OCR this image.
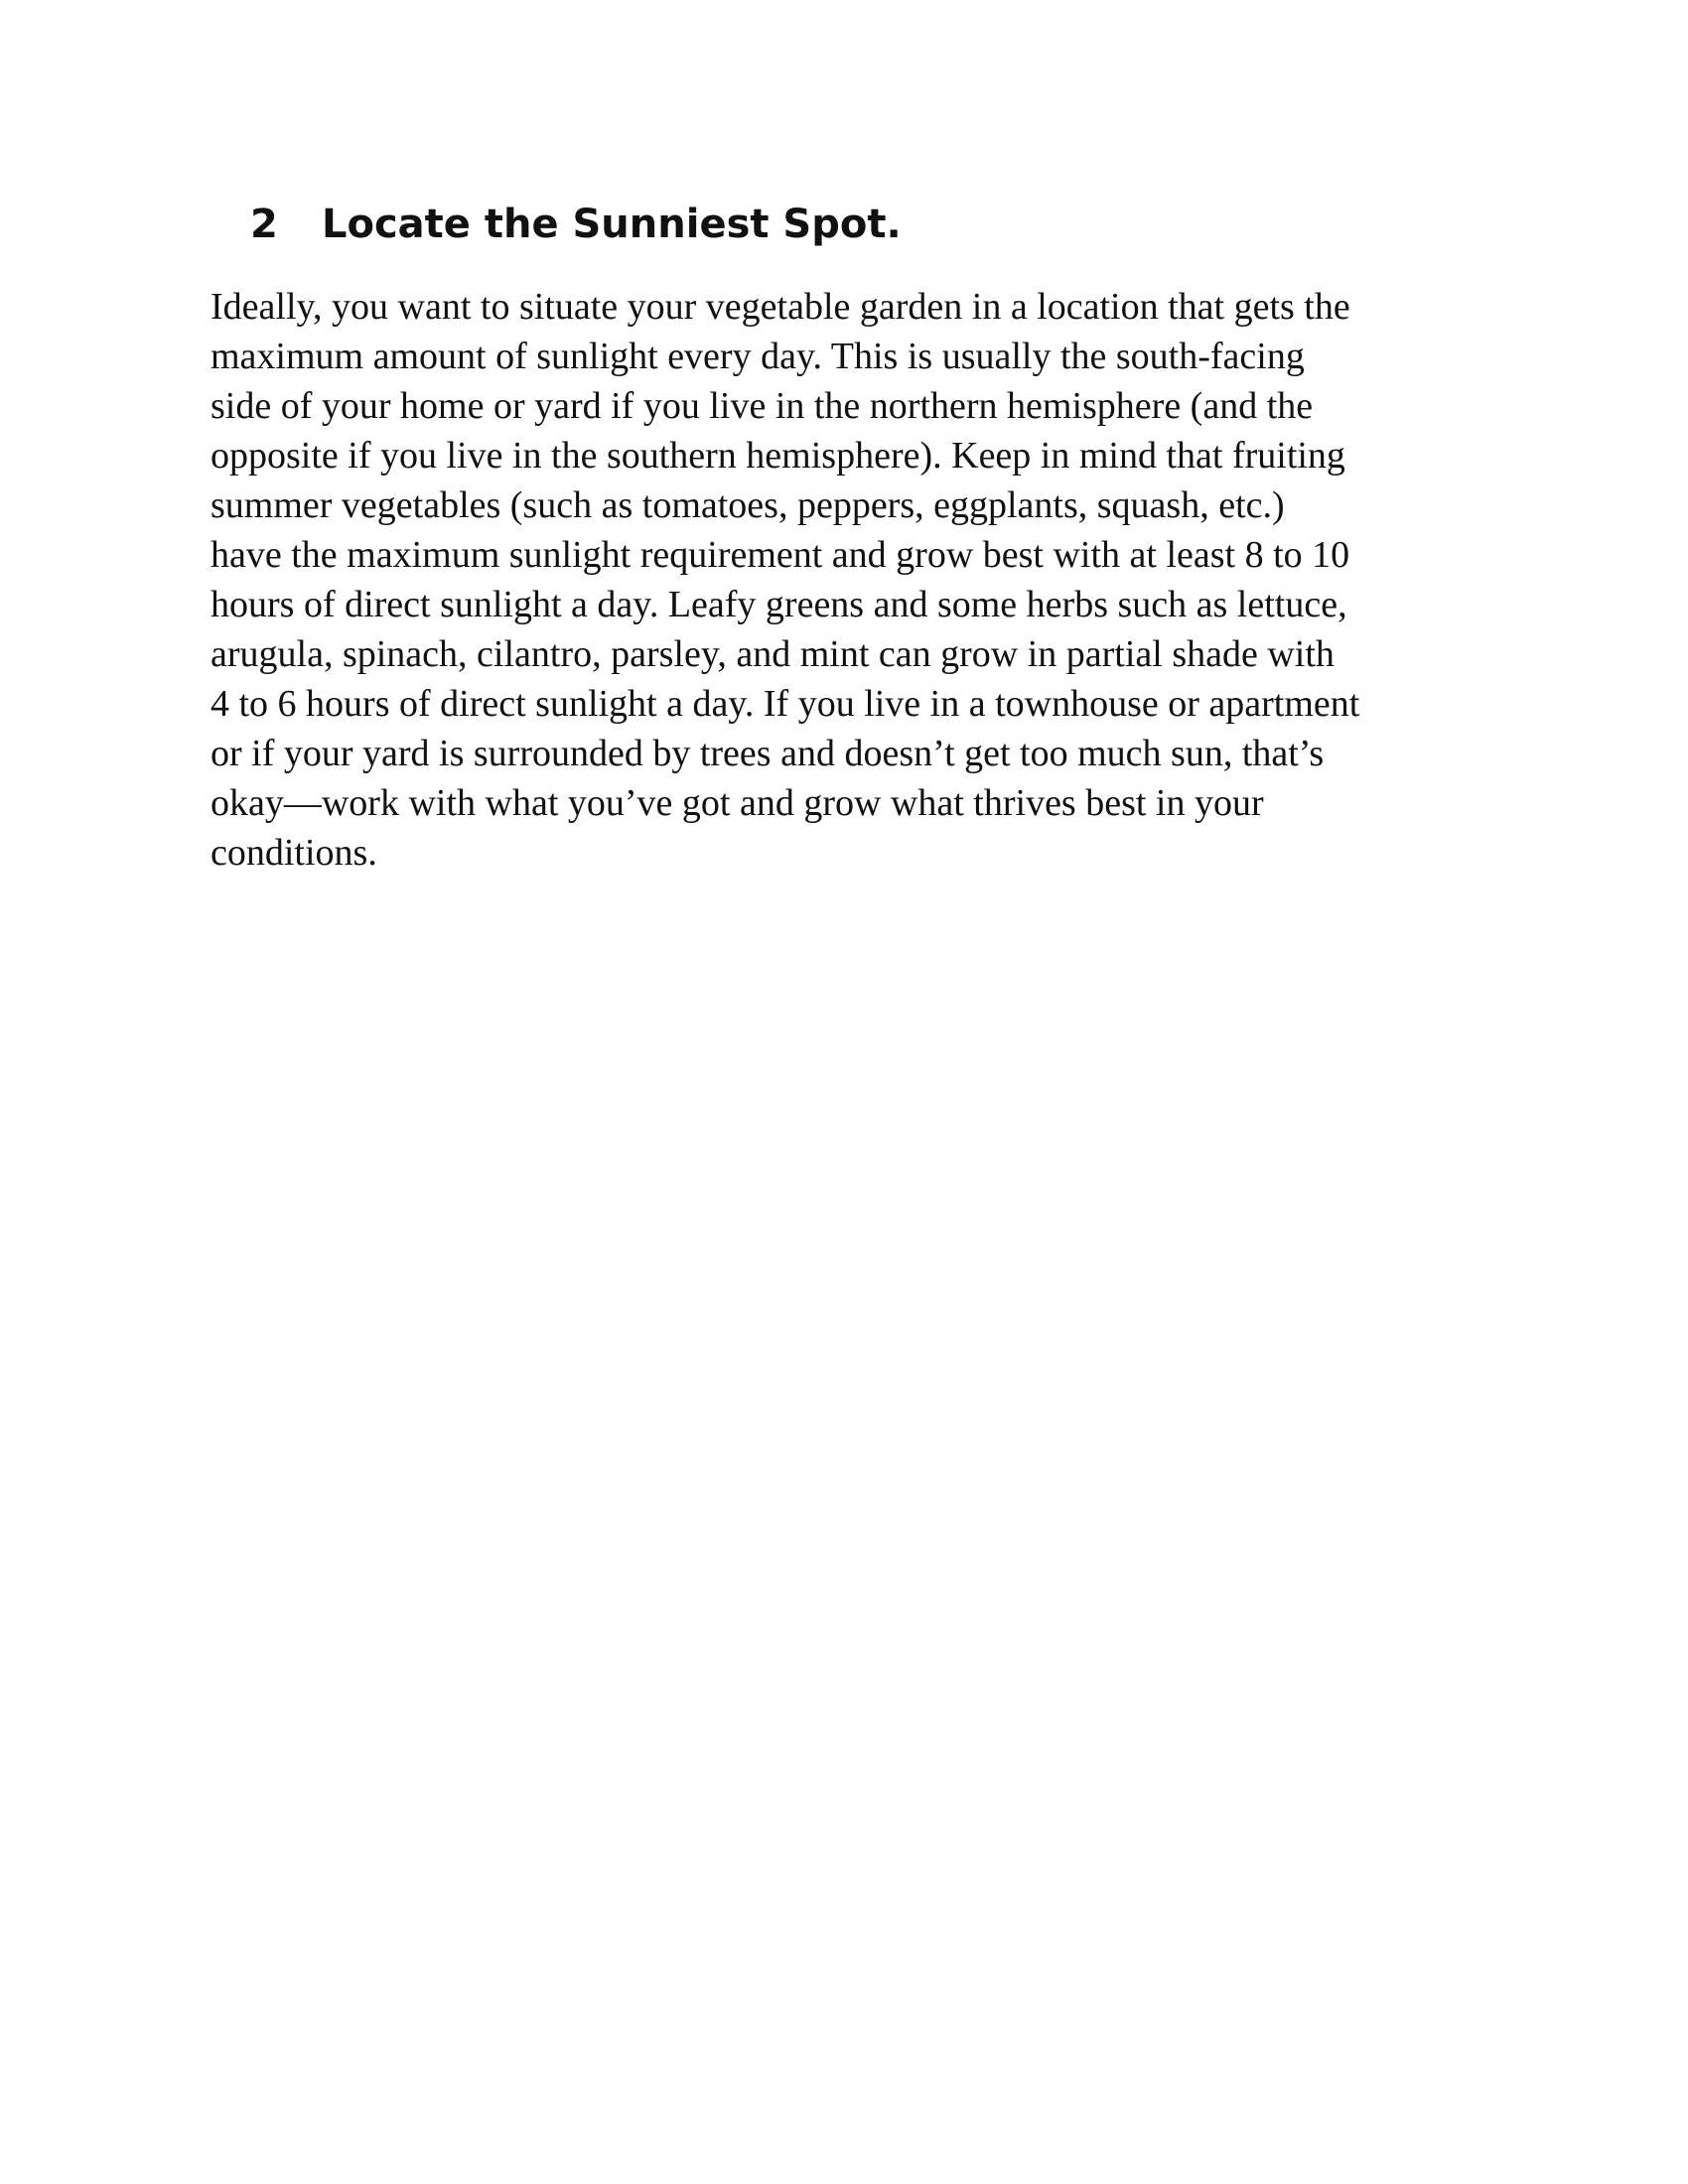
2 Locate the Sunniest Spot.

Ideally, you want to situate your vegetable garden in a location that gets the
maximum amount of sunlight every day. This is usually the south-facing
side of your home or yard if you live in the northern hemisphere (and the
opposite if you live in the southern hemisphere). Keep in mind that fruiting
summer vegetables (such as tomatoes, peppers, eggplants, squash, etc.)
have the maximum sunlight requirement and grow best with at least 8 to 10
hours of direct sunlight a day. Leafy greens and some herbs such as lettuce,
arugula, spinach, cilantro, parsley, and mint can grow in partial shade with
4 to 6 hours of direct sunlight a day. If you live in a townhouse or apartment
or if your yard is surrounded by trees and doesn’t get too much sun, that’s
okay—work with what you’ve got and grow what thrives best in your
conditions.
